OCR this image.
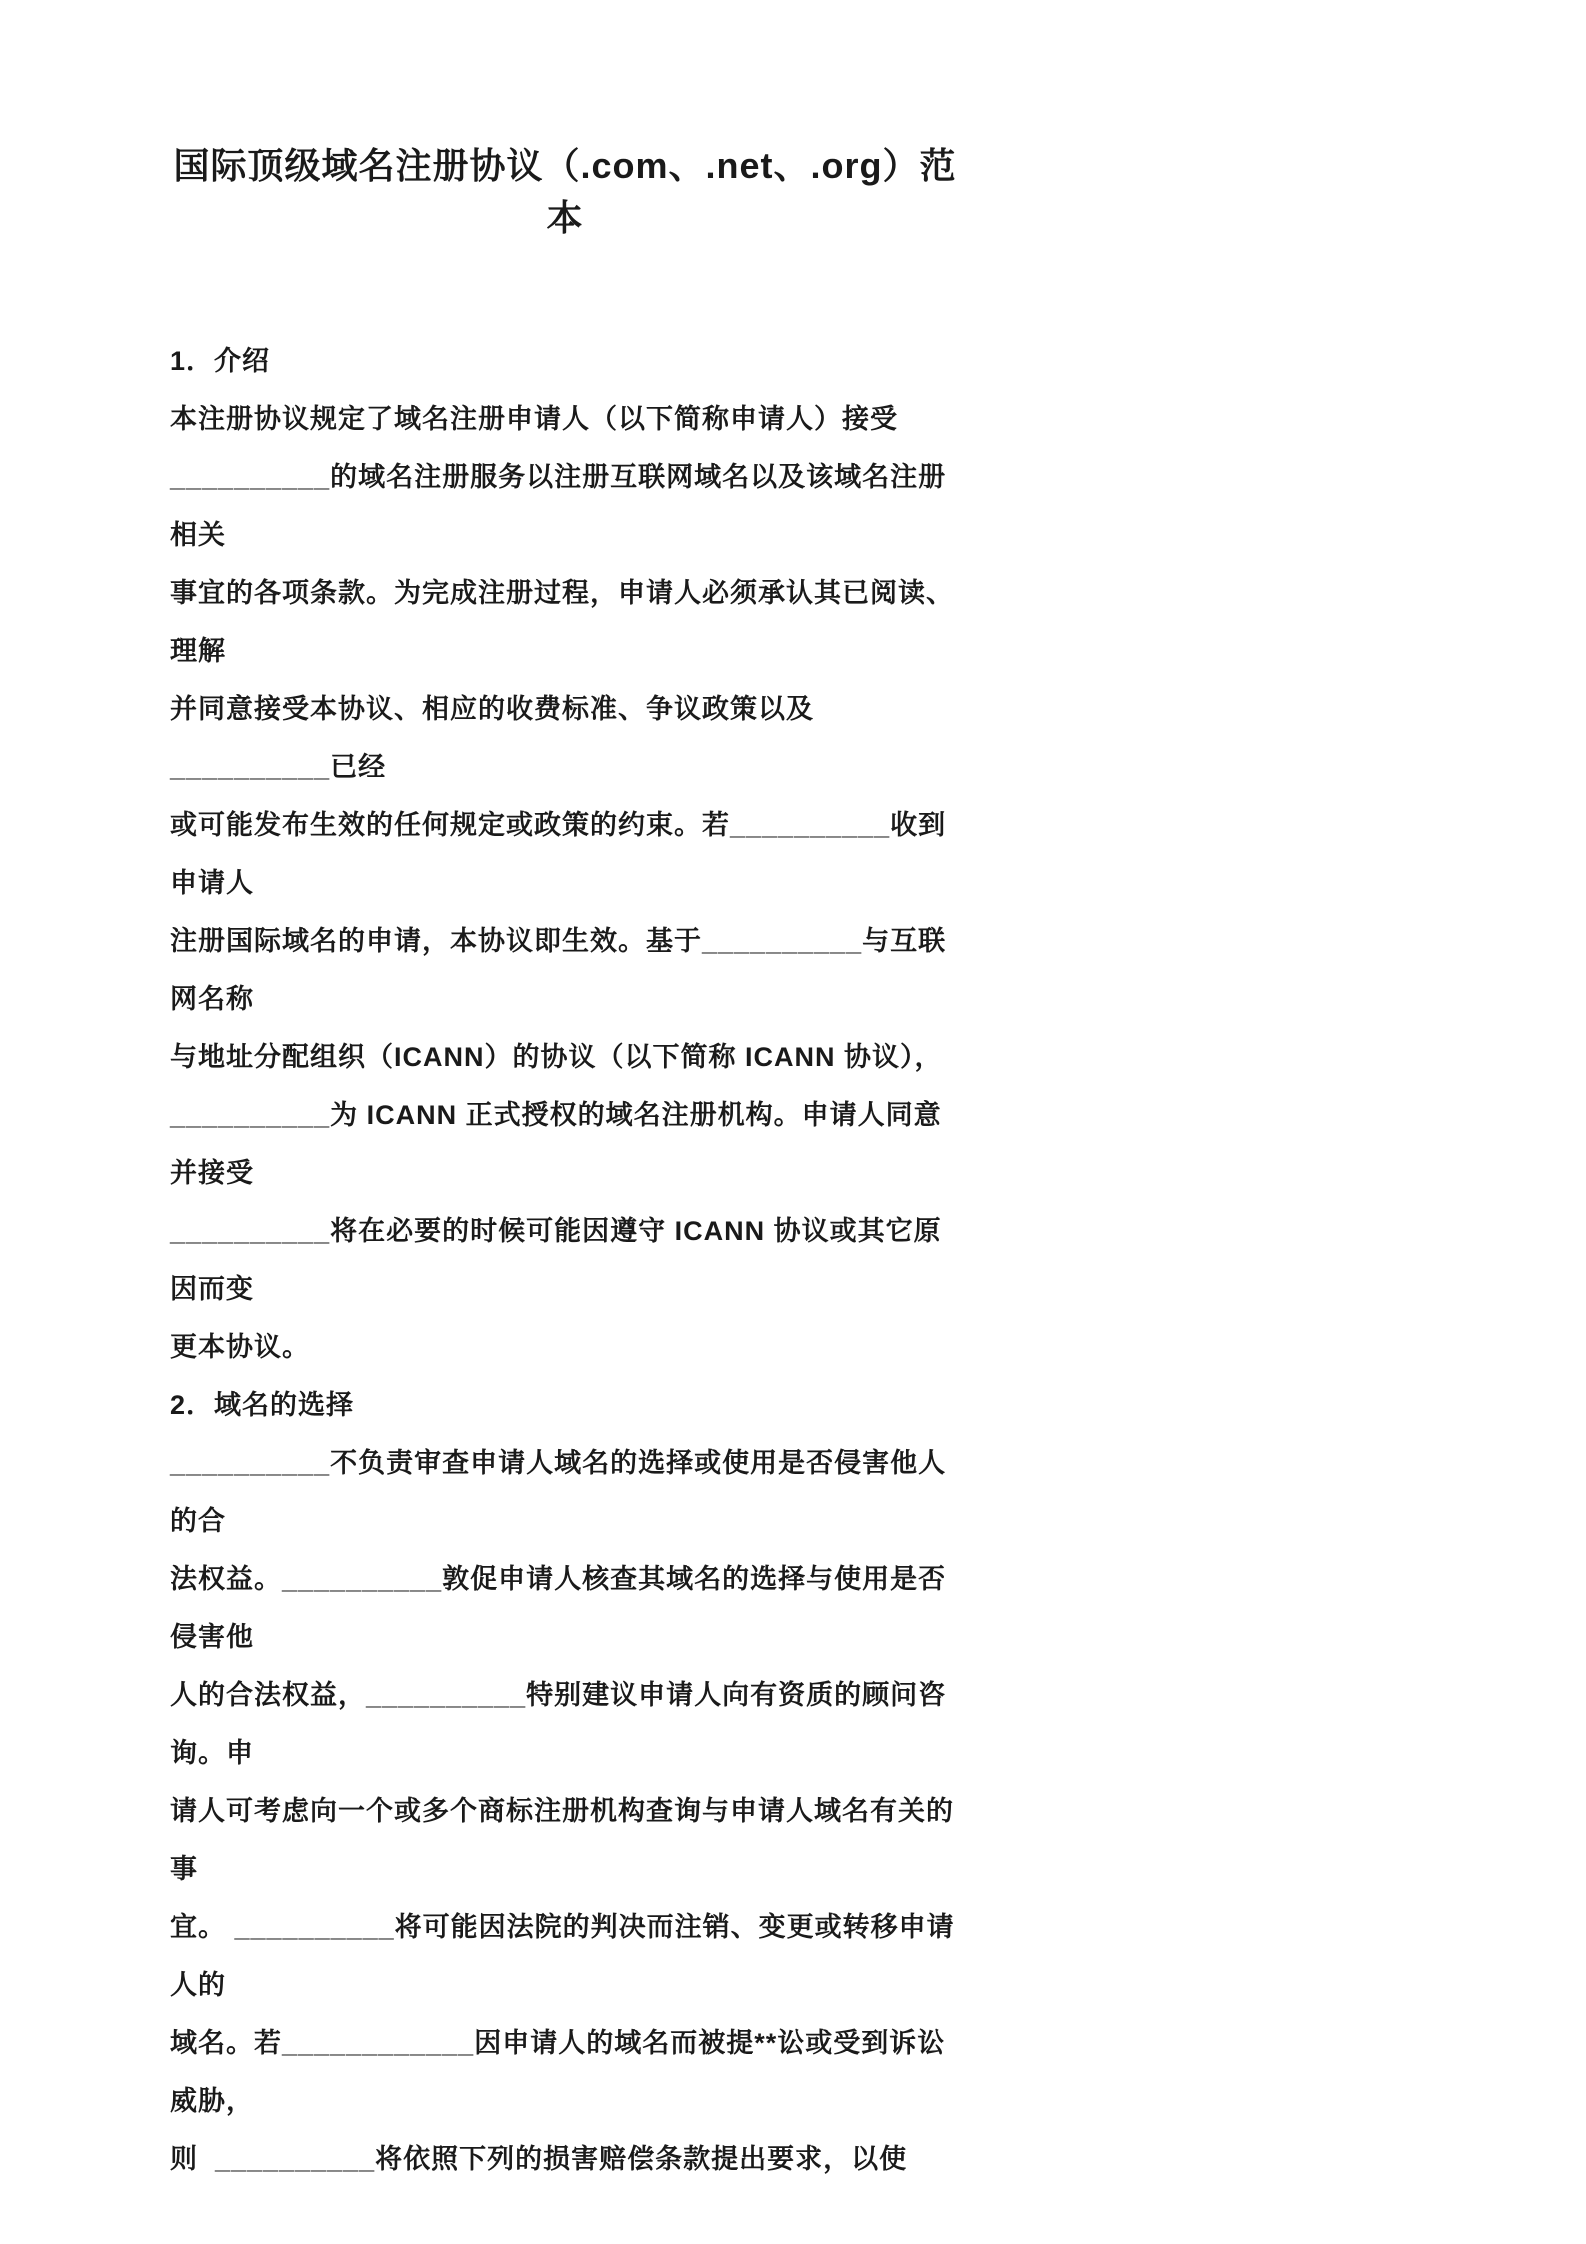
国际顶级域名注册协议（.com、.net、.org）范本
1．介绍
本注册协议规定了域名注册申请人（以下简称申请人）接受
__________的域名注册服务以注册互联网域名以及该域名注册相关
事宜的各项条款。为完成注册过程，申请人必须承认其已阅读、理解
并同意接受本协议、相应的收费标准、争议政策以及__________已经
或可能发布生效的任何规定或政策的约束。若__________收到申请人
注册国际域名的申请，本协议即生效。基于__________与互联网名称
与地址分配组织（ICANN）的协议（以下简称 ICANN 协议），
__________为 ICANN 正式授权的域名注册机构。申请人同意并接受
__________将在必要的时候可能因遵守 ICANN 协议或其它原因而变
更本协议。
2．域名的选择
__________不负责审查申请人域名的选择或使用是否侵害他人的合
法权益。__________敦促申请人核查其域名的选择与使用是否侵害他
人的合法权益，__________特别建议申请人向有资质的顾问咨询。申
请人可考虑向一个或多个商标注册机构查询与申请人域名有关的事
宜。 __________将可能因法院的判决而注销、变更或转移申请人的
域名。若____________因申请人的域名而被提**讼或受到诉讼威胁，
则  __________将依照下列的损害赔偿条款提出要求，以使
